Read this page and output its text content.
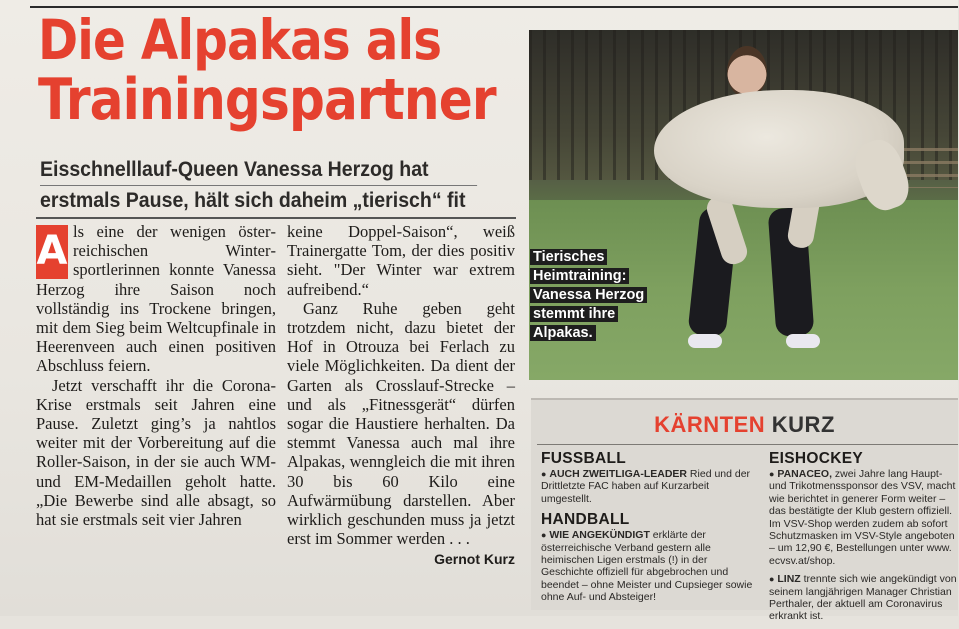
Die Alpakas als
Trainingspartner
Eisschnelllauf-Queen Vanessa Herzog hat
erstmals Pause, hält sich daheim „tierisch“ fit

A ls eine der wenigen österreichischen Wintersportlerinnen konnte Vanessa Herzog ihre Saison noch vollständig ins Trockene bringen, mit dem Sieg beim Weltcupfinale in Heerenveen auch einen positiven Abschluss feiern.

Jetzt verschafft ihr die Corona-Krise erstmals seit Jahren eine Pause. Zuletzt ging’s ja nahtlos weiter mit der Vorbereitung auf die Roller-Saison, in der sie auch WM- und EM-Medaillen geholt hatte. „Die Bewerbe sind alle absagt, so hat sie erstmals seit vier Jahren

keine Doppel-Saison“, weiß Trainergatte Tom, der dies positiv sieht. "Der Winter war extrem aufreibend.“

Ganz Ruhe geben geht trotzdem nicht, dazu bietet der Hof in Otrouza bei Ferlach zu viele Möglichkeiten. Da dient der Garten als Crosslauf-Strecke – und als „Fitnessgerät“ dürfen sogar die Haustiere herhalten. Da stemmt Vanessa auch mal ihre Alpakas, wenngleich die mit ihren 30 bis 60 Kilo eine Aufwärmübung darstellen. Aber wirklich geschunden muss ja jetzt erst im Sommer werden . . .
Gernot Kurz

Tierisches
Heimtraining:
Vanessa Herzog
stemmt ihre
Alpakas.
KÄRNTEN KURZ
FUSSBALL

● AUCH ZWEITLIGA-LEADER Ried und der Drittletzte FAC haben auf Kurzarbeit umgestellt.

HANDBALL

● WIE ANGEKÜNDIGT erklärte der österreichische Verband gestern alle heimischen Ligen erstmals (!) in der Geschichte offiziell für abgebrochen und beendet – ohne Meister und Cupsieger sowie ohne Auf- und Absteiger!

EISHOCKEY

● PANACEO, zwei Jahre lang Haupt- und Trikotmenssponsor des VSV, macht wie berichtet in generer Form weiter – das bestätigte der Klub gestern offiziell. Im VSV-Shop werden zudem ab sofort Schutzmasken im VSV-Style angeboten – um 12,90 €, Bestellungen unter www. ecvsv.at/shop.

● LINZ trennte sich wie angekündigt von seinem langjährigen Manager Christian Perthaler, der aktuell am Coronavirus erkrankt ist.
